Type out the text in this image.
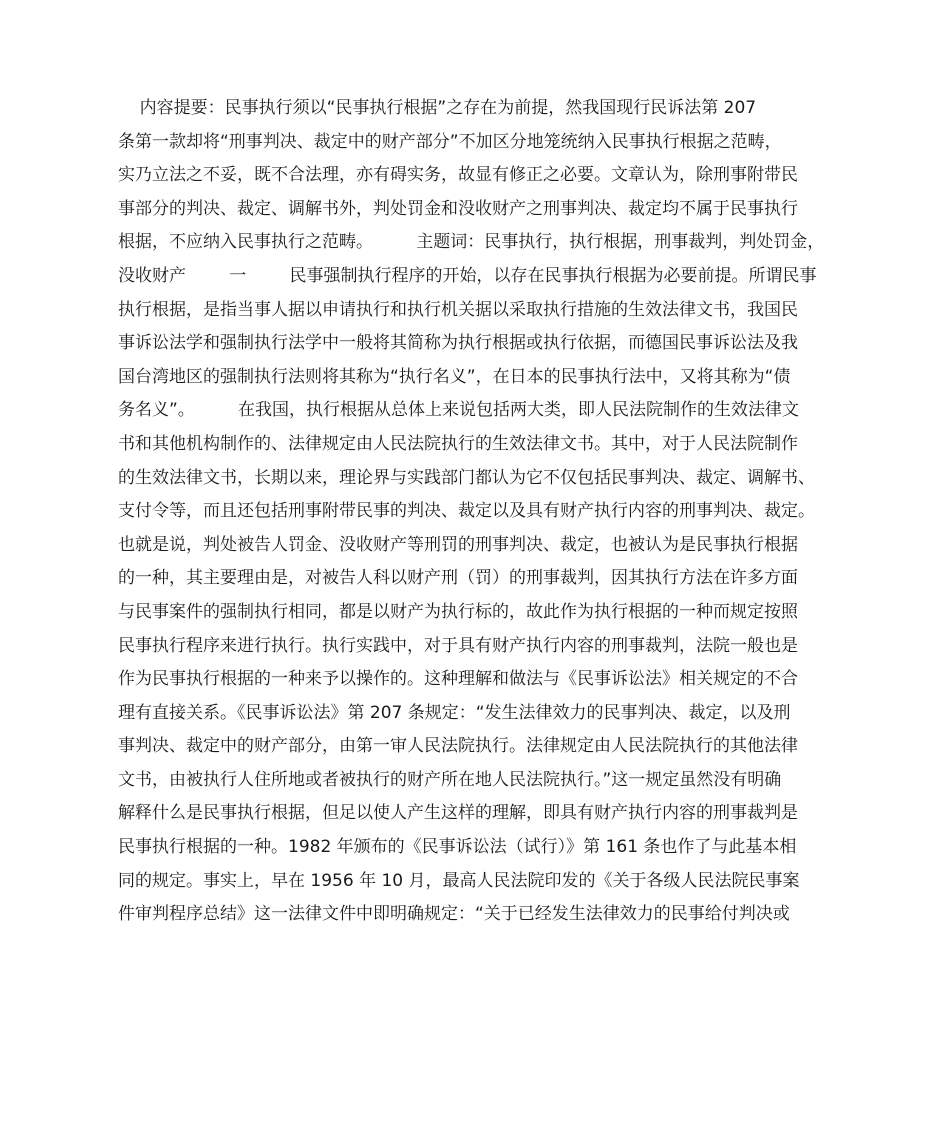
内容提要：民事执行须以“民事执行根据”之存在为前提，然我国现行民诉法第 207
条第一款却将“刑事判决、裁定中的财产部分”不加区分地笼统纳入民事执行根据之范畴，
实乃立法之不妥，既不合法理，亦有碍实务，故显有修正之必要。文章认为，除刑事附带民
事部分的判决、裁定、调解书外，判处罚金和没收财产之刑事判决、裁定均不属于民事执行
根据，不应纳入民事执行之范畴。        主题词：民事执行，执行根据，刑事裁判，判处罚金，
没收财产        一        民事强制执行程序的开始，以存在民事执行根据为必要前提。所谓民事
执行根据，是指当事人据以申请执行和执行机关据以采取执行措施的生效法律文书，我国民
事诉讼法学和强制执行法学中一般将其简称为执行根据或执行依据，而德国民事诉讼法及我
国台湾地区的强制执行法则将其称为“执行名义”，在日本的民事执行法中，又将其称为“债
务名义”。        在我国，执行根据从总体上来说包括两大类，即人民法院制作的生效法律文
书和其他机构制作的、法律规定由人民法院执行的生效法律文书。其中，对于人民法院制作
的生效法律文书，长期以来，理论界与实践部门都认为它不仅包括民事判决、裁定、调解书、
支付令等，而且还包括刑事附带民事的判决、裁定以及具有财产执行内容的刑事判决、裁定。
也就是说，判处被告人罚金、没收财产等刑罚的刑事判决、裁定，也被认为是民事执行根据
的一种，其主要理由是，对被告人科以财产刑（罚）的刑事裁判，因其执行方法在许多方面
与民事案件的强制执行相同，都是以财产为执行标的，故此作为执行根据的一种而规定按照
民事执行程序来进行执行。执行实践中，对于具有财产执行内容的刑事裁判，法院一般也是
作为民事执行根据的一种来予以操作的。这种理解和做法与《民事诉讼法》相关规定的不合
理有直接关系。《民事诉讼法》第 207 条规定：“发生法律效力的民事判决、裁定，以及刑
事判决、裁定中的财产部分，由第一审人民法院执行。法律规定由人民法院执行的其他法律
文书，由被执行人住所地或者被执行的财产所在地人民法院执行。”这一规定虽然没有明确
解释什么是民事执行根据，但足以使人产生这样的理解，即具有财产执行内容的刑事裁判是
民事执行根据的一种。1982 年颁布的《民事诉讼法（试行）》第 161 条也作了与此基本相
同的规定。事实上，早在 1956 年 10 月，最高人民法院印发的《关于各级人民法院民事案
件审判程序总结》这一法律文件中即明确规定：“关于已经发生法律效力的民事给付判决或
